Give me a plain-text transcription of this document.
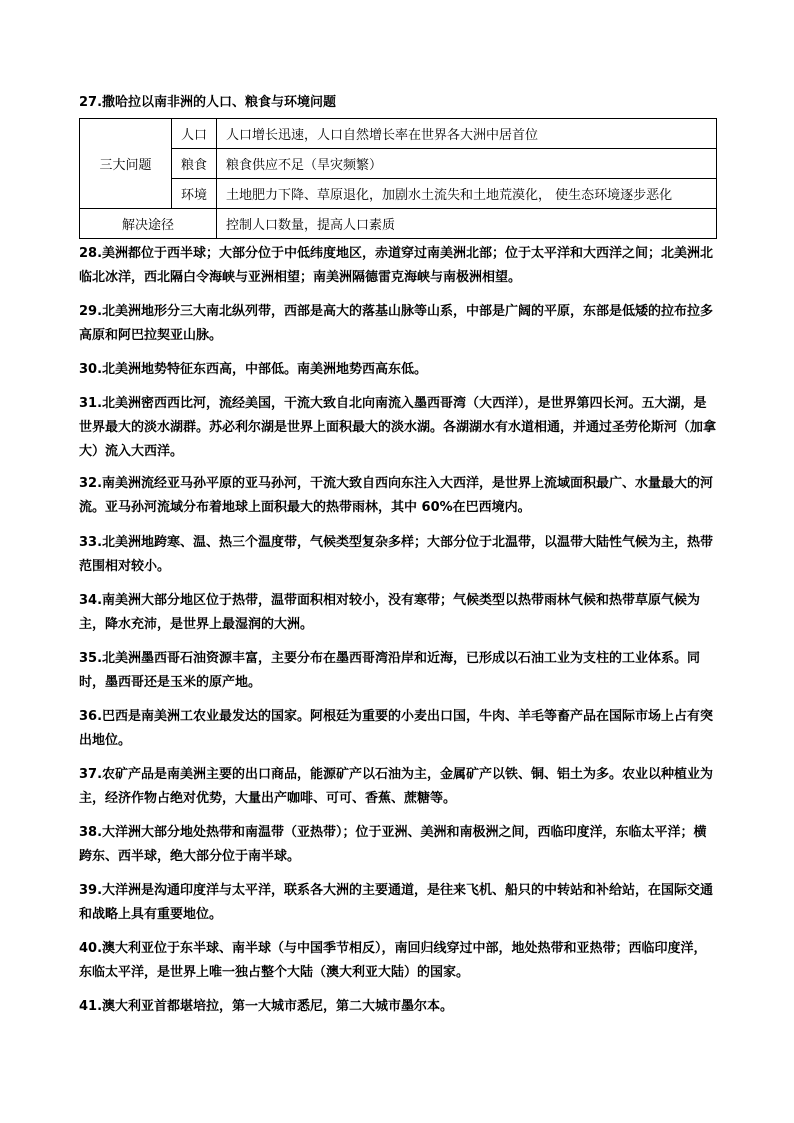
27.撒哈拉以南非洲的人口、粮食与环境问题
三大问题	人口	人口增长迅速，人口自然增长率在世界各大洲中居首位
	粮食	粮食供应不足（旱灾频繁）
	环境	土地肥力下降、草原退化，加剧水土流失和土地荒漠化， 使生态环境逐步恶化
解决途径		控制人口数量，提高人口素质

28.美洲都位于西半球；大部分位于中低纬度地区，赤道穿过南美洲北部；位于太平洋和大西洋之间；北美洲北临北冰洋，西北隔白令海峡与亚洲相望；南美洲隔德雷克海峡与南极洲相望。

29.北美洲地形分三大南北纵列带，西部是高大的落基山脉等山系，中部是广阔的平原，东部是低矮的拉布拉多高原和阿巴拉契亚山脉。

30.北美洲地势特征东西高，中部低。南美洲地势西高东低。

31.北美洲密西西比河，流经美国，干流大致自北向南流入墨西哥湾（大西洋），是世界第四长河。五大湖，是世界最大的淡水湖群。苏必利尔湖是世界上面积最大的淡水湖。各湖湖水有水道相通，并通过圣劳伦斯河（加拿大）流入大西洋。

32.南美洲流经亚马孙平原的亚马孙河，干流大致自西向东注入大西洋，是世界上流域面积最广、水量最大的河流。亚马孙河流域分布着地球上面积最大的热带雨林，其中 60%在巴西境内。

33.北美洲地跨寒、温、热三个温度带，气候类型复杂多样；大部分位于北温带，以温带大陆性气候为主，热带范围相对较小。

34.南美洲大部分地区位于热带，温带面积相对较小，没有寒带；气候类型以热带雨林气候和热带草原气候为主，降水充沛，是世界上最湿润的大洲。

35.北美洲墨西哥石油资源丰富，主要分布在墨西哥湾沿岸和近海，已形成以石油工业为支柱的工业体系。同时，墨西哥还是玉米的原产地。

36.巴西是南美洲工农业最发达的国家。阿根廷为重要的小麦出口国，牛肉、羊毛等畜产品在国际市场上占有突出地位。

37.农矿产品是南美洲主要的出口商品，能源矿产以石油为主，金属矿产以铁、铜、铝土为多。农业以种植业为主，经济作物占绝对优势，大量出产咖啡、可可、香蕉、蔗糖等。

38.大洋洲大部分地处热带和南温带（亚热带）；位于亚洲、美洲和南极洲之间，西临印度洋，东临太平洋；横跨东、西半球，绝大部分位于南半球。

39.大洋洲是沟通印度洋与太平洋，联系各大洲的主要通道，是往来飞机、船只的中转站和补给站，在国际交通和战略上具有重要地位。

40.澳大利亚位于东半球、南半球（与中国季节相反），南回归线穿过中部，地处热带和亚热带；西临印度洋，东临太平洋，是世界上唯一独占整个大陆（澳大利亚大陆）的国家。

41.澳大利亚首都堪培拉，第一大城市悉尼，第二大城市墨尔本。
